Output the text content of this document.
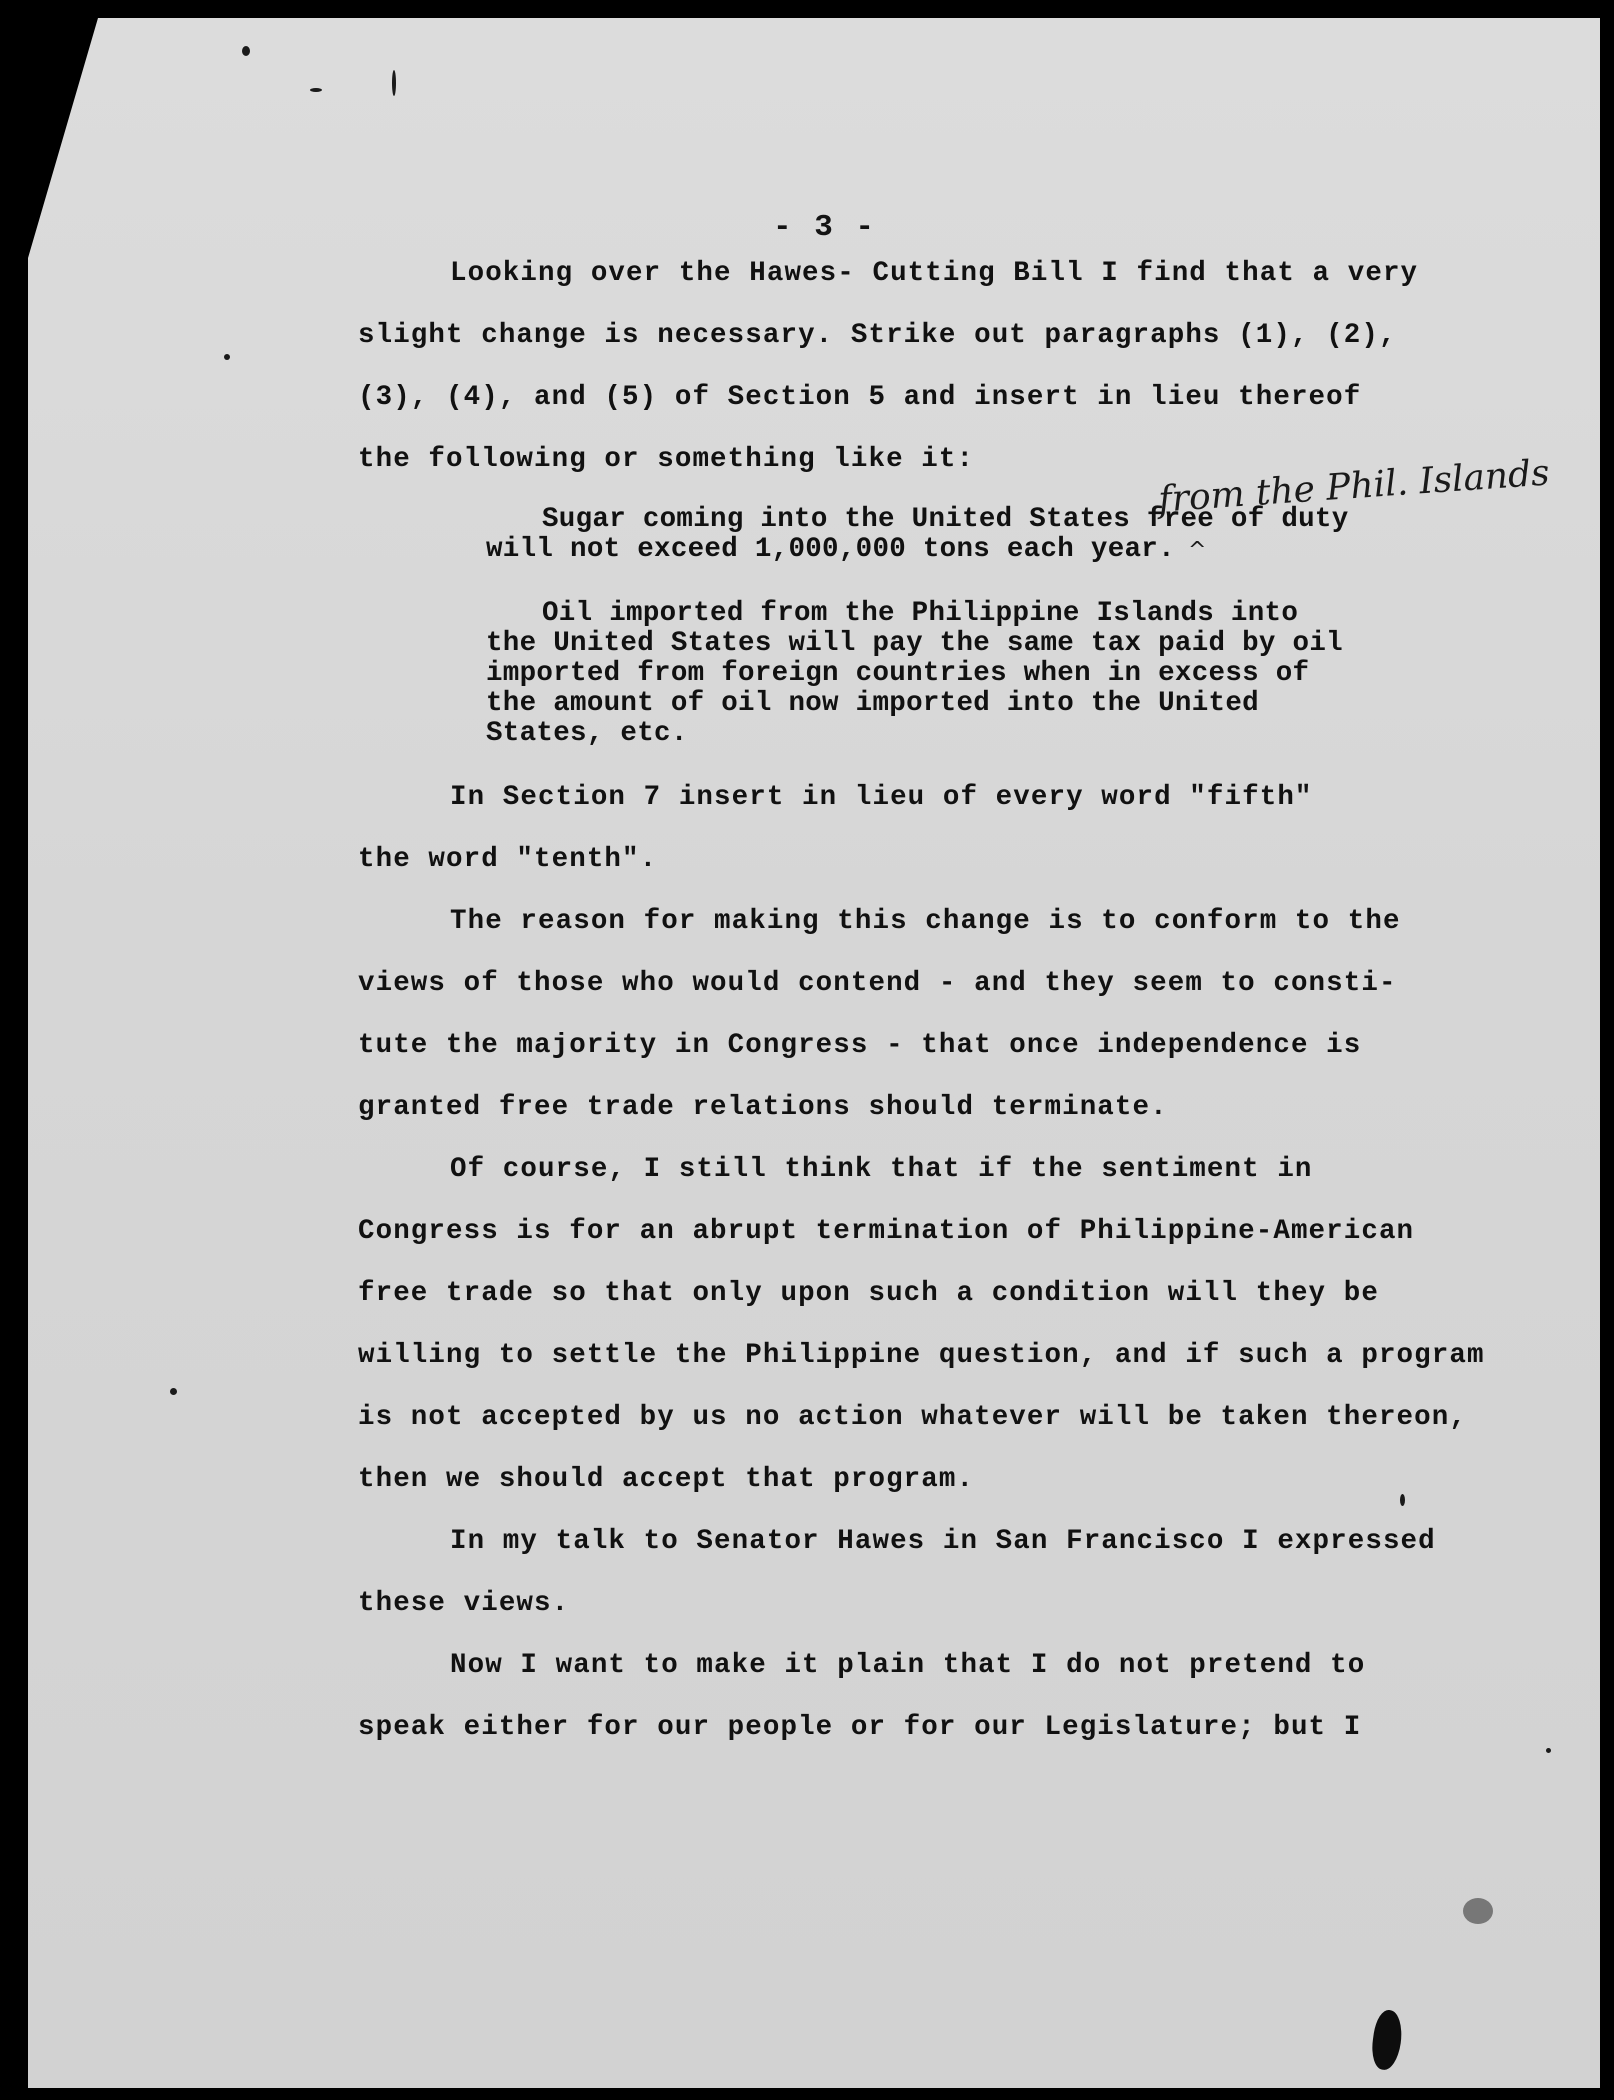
- 3 -
Looking over the Hawes- Cutting Bill I find that a very
slight change is necessary. Strike out paragraphs (1), (2),
(3), (4), and (5) of Section 5 and insert in lieu thereof
the following or something like it:	from the Phil. Islands
^
Sugar coming into the United States free of duty
will not exceed 1,000,000 tons each year.
Oil imported from the Philippine Islands into
the United States will pay the same tax paid by oil
imported from foreign countries when in excess of
the amount of oil now imported into the United
States, etc.
In Section 7 insert in lieu of every word "fifth"
the word "tenth".
The reason for making this change is to conform to the
views of those who would contend - and they seem to consti-
tute the majority in Congress - that once independence is
granted free trade relations should terminate.
Of course, I still think that if the sentiment in
Congress is for an abrupt termination of Philippine-American
free trade so that only upon such a condition will they be
willing to settle the Philippine question, and if such a program
is not accepted by us no action whatever will be taken thereon,
then we should accept that program.
In my talk to Senator Hawes in San Francisco I expressed
these views.
Now I want to make it plain that I do not pretend to
speak either for our people or for our Legislature; but I
